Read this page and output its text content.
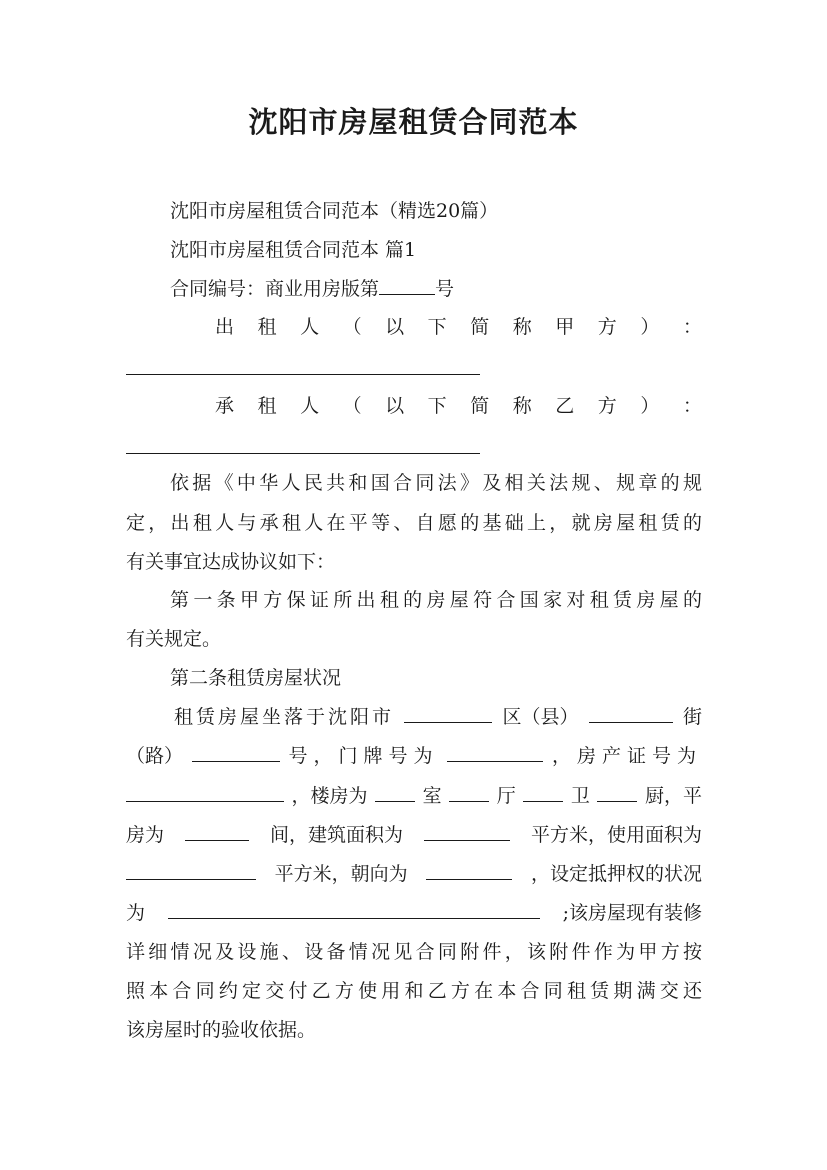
沈阳市房屋租赁合同范本
沈阳市房屋租赁合同范本（精选20篇）
沈阳市房屋租赁合同范本 篇1
合同编号：商业用房版第	号
出 租 人 （ 以 下 简 称 甲 方 ） ：
承 租 人 （ 以 下 简 称 乙 方 ） ：
依据《中华人民共和国合同法》及相关法规、规章的规
定，出租人与承租人在平等、自愿的基础上，就房屋租赁的
有关事宜达成协议如下：
第一条甲方保证所出租的房屋符合国家对租赁房屋的
有关规定。
第二条租赁房屋状况
租赁房屋坐落于沈阳市	区（县）	街
（路）	号，门牌号为	，房产证号为
，楼房为	室	厅	卫	厨，平
房为	间，建筑面积为	平方米，使用面积为
平方米，朝向为	，设定抵押权的状况
为	;该房屋现有装修
详细情况及设施、设备情况见合同附件，该附件作为甲方按
照本合同约定交付乙方使用和乙方在本合同租赁期满交还
该房屋时的验收依据。
